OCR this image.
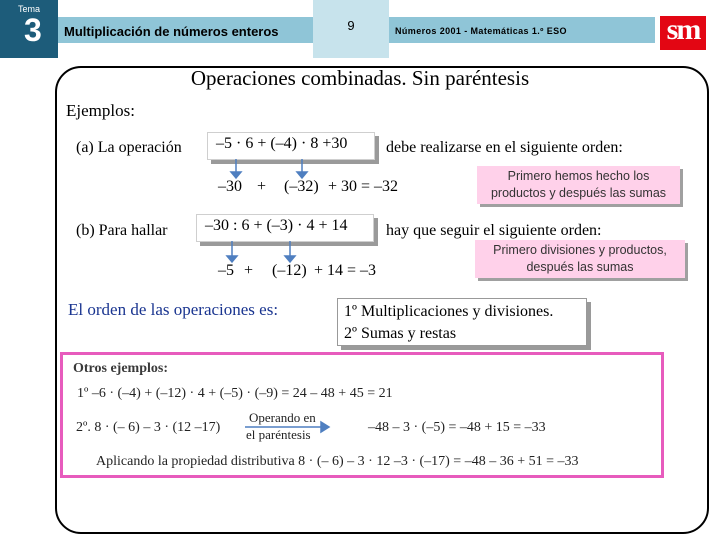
Tema
3	Multiplicación de números enteros	9	Números 2001 - Matemáticas 1.º ESO	sm
Operaciones combinadas. Sin paréntesis
Ejemplos:
(a) La operación	–5 · 6 + (–4) · 8 +30	debe realizarse en el siguiente orden:
–30 + (–32) + 30 = –32
Primero hemos hecho los productos y después las sumas
(b) Para hallar	–30 : 6 + (–3) · 4 + 14	hay que seguir el siguiente orden:
–5 + (–12) + 14 = –3
Primero divisiones y productos, después las sumas
El orden de las operaciones es:	1º Multiplicaciones y divisiones.
2º Sumas y restas
Otros ejemplos:
1º –6 · (–4) + (–12) · 4 + (–5) · (–9) = 24 – 48 + 45 = 21
2º. 8 · (– 6) – 3 · (12 –17)
Operando en
el paréntesis	–48 – 3 · (–5) = –48 + 15 = –33
Aplicando la propiedad distributiva 8 · (– 6) – 3 · 12 –3 · (–17) = –48 – 36 + 51 = –33
